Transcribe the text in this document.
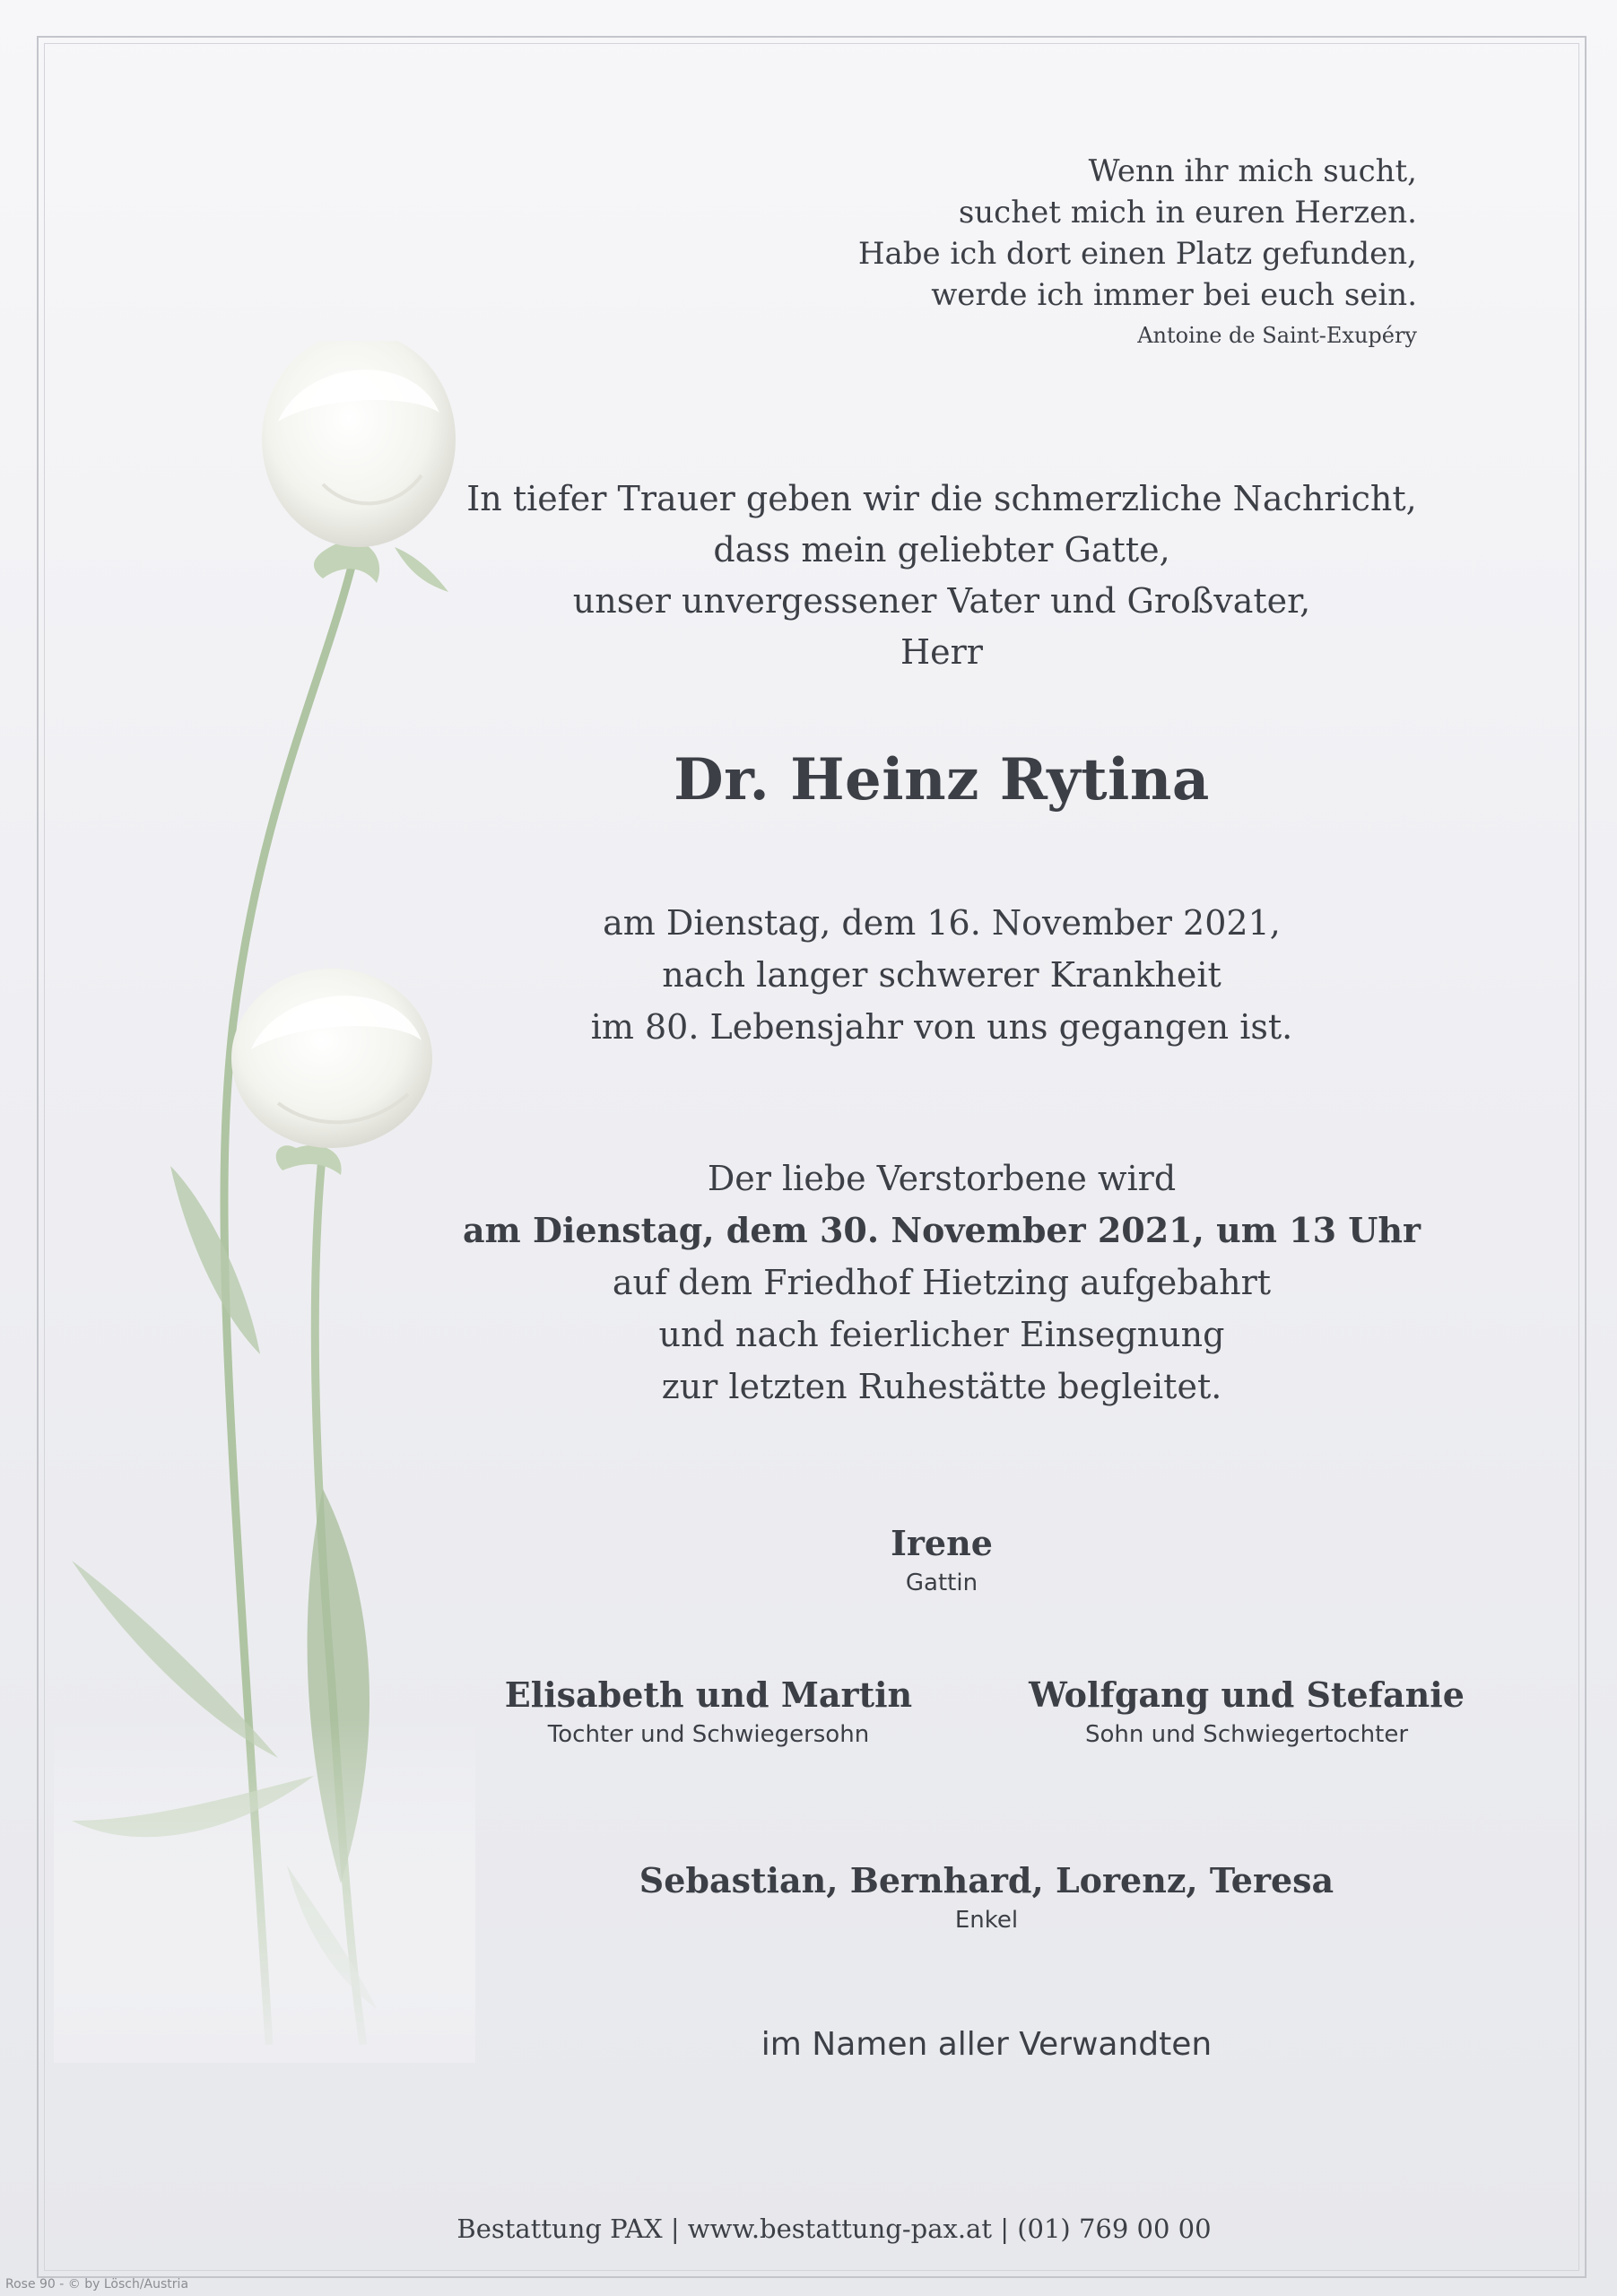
Wenn ihr mich sucht,
suchet mich in euren Herzen.
Habe ich dort einen Platz gefunden,
werde ich immer bei euch sein.
Antoine de Saint-Exupéry
In tiefer Trauer geben wir die schmerzliche Nachricht,
dass mein geliebter Gatte,
unser unvergessener Vater und Großvater,
Herr
Dr. Heinz Rytina
am Dienstag, dem 16. November 2021,
nach langer schwerer Krankheit
im 80. Lebensjahr von uns gegangen ist.
Der liebe Verstorbene wird
am Dienstag, dem 30. November 2021, um 13 Uhr
auf dem Friedhof Hietzing aufgebahrt
und nach feierlicher Einsegnung
zur letzten Ruhestätte begleitet.
Irene
Gattin
Elisabeth und Martin
Tochter und Schwiegersohn
Wolfgang und Stefanie
Sohn und Schwiegertochter
Sebastian, Bernhard, Lorenz, Teresa
Enkel
im Namen aller Verwandten
Bestattung PAX | www.bestattung-pax.at | (01) 769 00 00
Rose 90 - © by Lösch/Austria
